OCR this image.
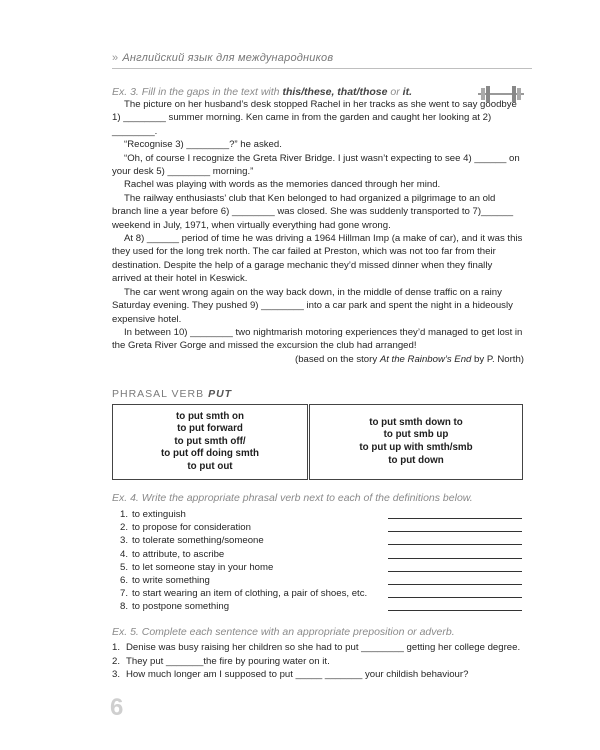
» Английский язык для международников
Ex. 3. Fill in the gaps in the text with this/these, that/those or it.

The picture on her husband’s desk stopped Rachel in her tracks as she went to say goodbye 1) ________ summer morning. Ken came in from the garden and caught her looking at 2) ________.

“Recognise 3) ________?” he asked.

“Oh, of course I recognize the Greta River Bridge. I just wasn’t expecting to see 4) ______ on your desk 5) ________ morning.”

Rachel was playing with words as the memories danced through her mind.

The railway enthusiasts’ club that Ken belonged to had organized a pilgrimage to an old branch line a year before 6) ________ was closed. She was suddenly transported to 7)______ weekend in July, 1971, when virtually everything had gone wrong.

At 8) ______ period of time he was driving a 1964 Hillman Imp (a make of car), and it was this they used for the long trek north. The car failed at Preston, which was not too far from their destination. Despite the help of a garage mechanic they’d missed dinner when they finally arrived at their hotel in Keswick.

The car went wrong again on the way back down, in the middle of dense traffic on a rainy Saturday evening. They pushed 9) ________ into a car park and spent the night in a hideously expensive hotel.

In between 10) ________ two nightmarish motoring experiences they’d managed to get lost in the Greta River Gorge and missed the excursion the club had arranged!

(based on the story At the Rainbow’s End by P. North)

PHRASAL VERB PUT
to put smth on
to put forward
to put smth off/
to put off doing smth
to put out
to put smth down to
to put smb up
to put up with smth/smb
to put down
Ex. 4. Write the appropriate phrasal verb next to each of the definitions below.
1. to extinguish
2. to propose for consideration
3. to tolerate something/someone
4. to attribute, to ascribe
5. to let someone stay in your home
6. to write something
7. to start wearing an item of clothing, a pair of shoes, etc.
8. to postpone something
Ex. 5. Complete each sentence with an appropriate preposition or adverb.
1. Denise was busy raising her children so she had to put ________ getting her college degree.
2. They put _______the fire by pouring water on it.
3. How much longer am I supposed to put _____ _______ your childish behaviour?
6
